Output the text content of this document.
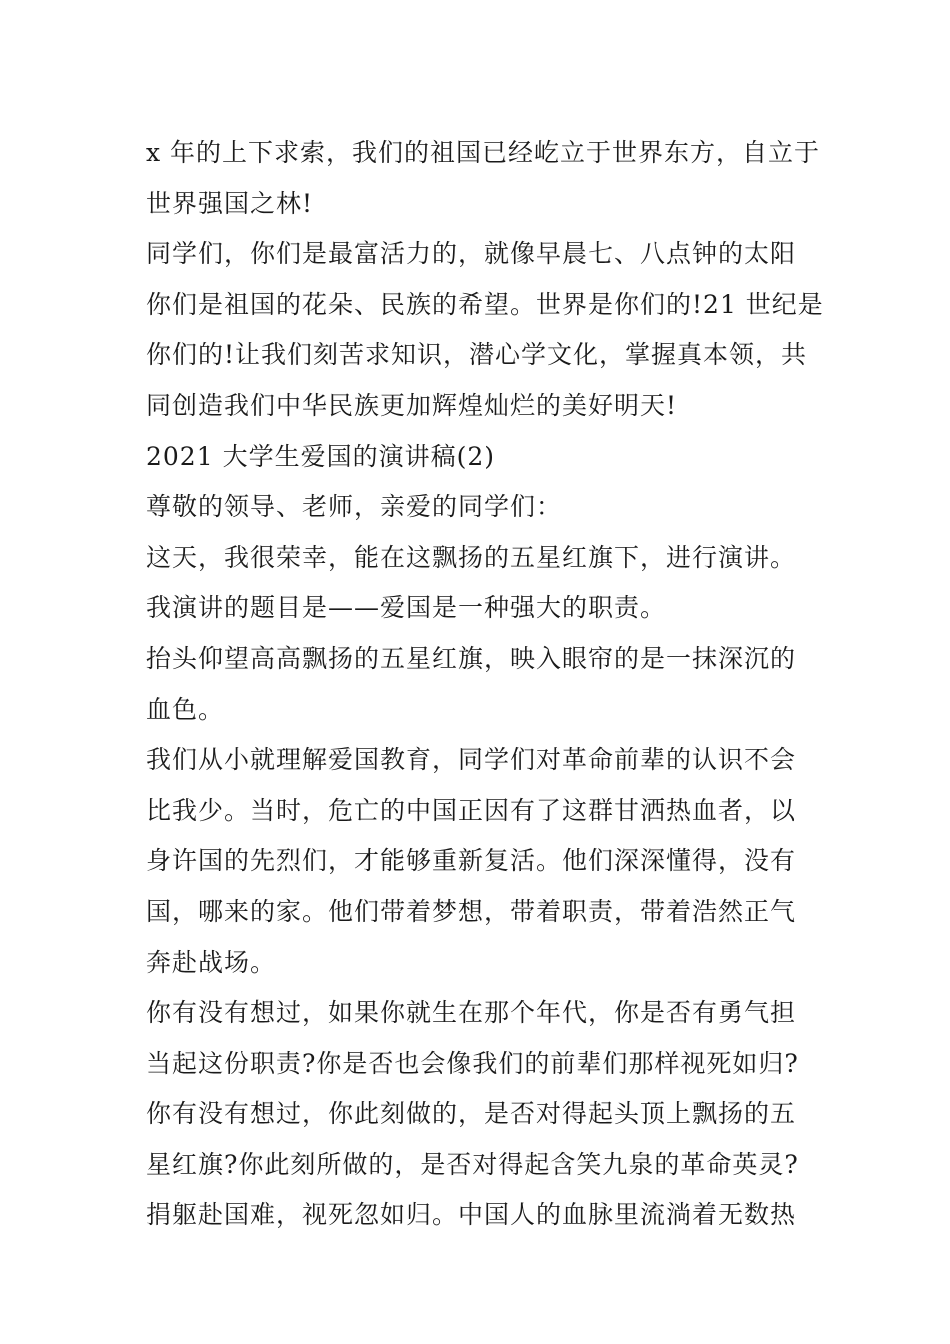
x 年的上下求索，我们的祖国已经屹立于世界东方，自立于
世界强国之林!
同学们，你们是最富活力的，就像早晨七、八点钟的太阳
你们是祖国的花朵、民族的希望。世界是你们的!21 世纪是
你们的!让我们刻苦求知识，潜心学文化，掌握真本领，共
同创造我们中华民族更加辉煌灿烂的美好明天!
2021 大学生爱国的演讲稿(2)
尊敬的领导、老师，亲爱的同学们：
这天，我很荣幸，能在这飘扬的五星红旗下，进行演讲。
我演讲的题目是——爱国是一种强大的职责。
抬头仰望高高飘扬的五星红旗，映入眼帘的是一抹深沉的
血色。
我们从小就理解爱国教育，同学们对革命前辈的认识不会
比我少。当时，危亡的中国正因有了这群甘洒热血者，以
身许国的先烈们，才能够重新复活。他们深深懂得，没有
国，哪来的家。他们带着梦想，带着职责，带着浩然正气
奔赴战场。
你有没有想过，如果你就生在那个年代，你是否有勇气担
当起这份职责?你是否也会像我们的前辈们那样视死如归?
你有没有想过，你此刻做的，是否对得起头顶上飘扬的五
星红旗?你此刻所做的，是否对得起含笑九泉的革命英灵?
捐躯赴国难，视死忽如归。中国人的血脉里流淌着无数热
